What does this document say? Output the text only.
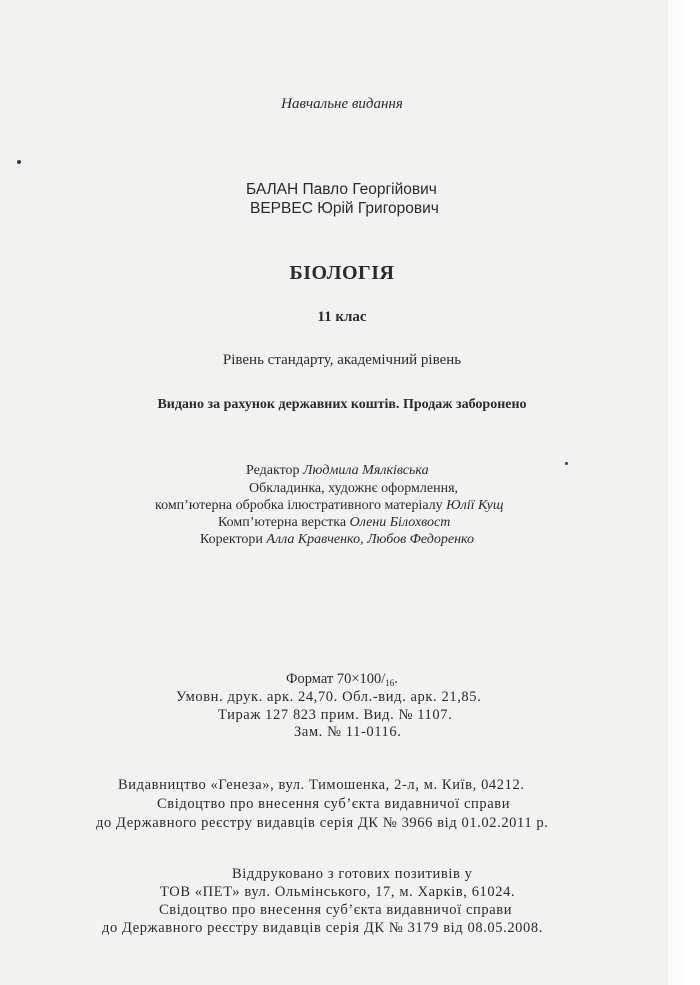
Навчальне видання
БАЛАН Павло Георгійович
ВЕРВЕС Юрій Григорович
БІОЛОГІЯ
11 клас
Рівень стандарту, академічний рівень
Видано за рахунок державних коштів. Продаж заборонено
Редактор Людмила Мялківська
Обкладинка, художнє оформлення,
комп’ютерна обробка ілюстративного матеріалу Юлії Кущ
Комп’ютерна верстка Олени Білохвост
Коректори Алла Кравченко, Любов Федоренко
Формат $70\times 100/_{16}$.
Умовн. друк. арк. 24,70. Обл.-вид. арк. 21,85.
Тираж 127 823 прим. Вид. № 1107.
Зам. № 11-0116.
Видавництво «Генеза», вул. Тимошенка, 2-л, м. Київ, 04212.
Свідоцтво про внесення суб’єкта видавничої справи
до Державного реєстру видавців серія ДК № 3966 від 01.02.2011 р.
Віддруковано з готових позитивів у
ТОВ «ПЕТ» вул. Ольмінського, 17, м. Харків, 61024.
Свідоцтво про внесення суб’єкта видавничої справи
до Державного реєстру видавців серія ДК № 3179 від 08.05.2008.
